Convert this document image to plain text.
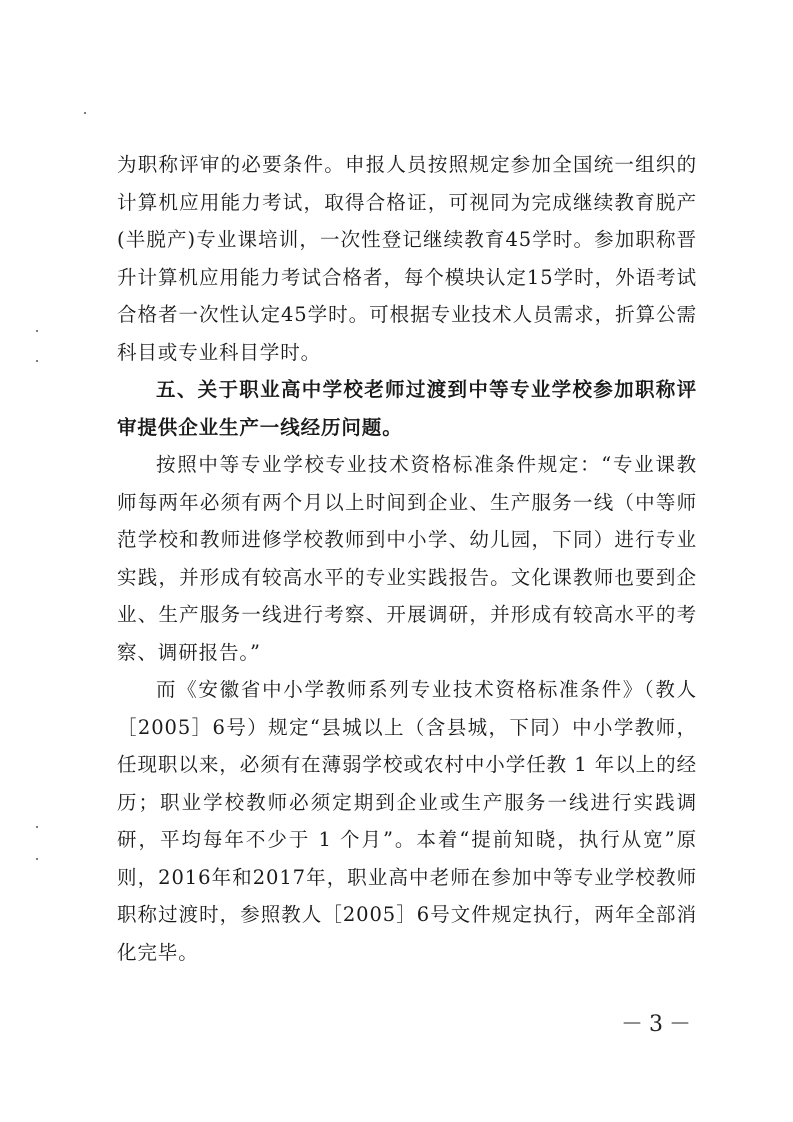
为职称评审的必要条件。申报人员按照规定参加全国统一组织的计算机应用能力考试，取得合格证，可视同为完成继续教育脱产(半脱产)专业课培训，一次性登记继续教育45学时。参加职称晋升计算机应用能力考试合格者，每个模块认定15学时，外语考试合格者一次性认定45学时。可根据专业技术人员需求，折算公需科目或专业科目学时。

五、关于职业高中学校老师过渡到中等专业学校参加职称评审提供企业生产一线经历问题。

按照中等专业学校专业技术资格标准条件规定：“专业课教师每两年必须有两个月以上时间到企业、生产服务一线（中等师范学校和教师进修学校教师到中小学、幼儿园，下同）进行专业实践，并形成有较高水平的专业实践报告。文化课教师也要到企业、生产服务一线进行考察、开展调研，并形成有较高水平的考察、调研报告。”

而《安徽省中小学教师系列专业技术资格标准条件》（教人［2005］6号）规定“县城以上（含县城，下同）中小学教师，任现职以来，必须有在薄弱学校或农村中小学任教 1 年以上的经历；职业学校教师必须定期到企业或生产服务一线进行实践调研，平均每年不少于 1 个月”。本着“提前知晓，执行从宽”原则，2016年和2017年，职业高中老师在参加中等专业学校教师职称过渡时，参照教人［2005］6号文件规定执行，两年全部消化完毕。

－3－
